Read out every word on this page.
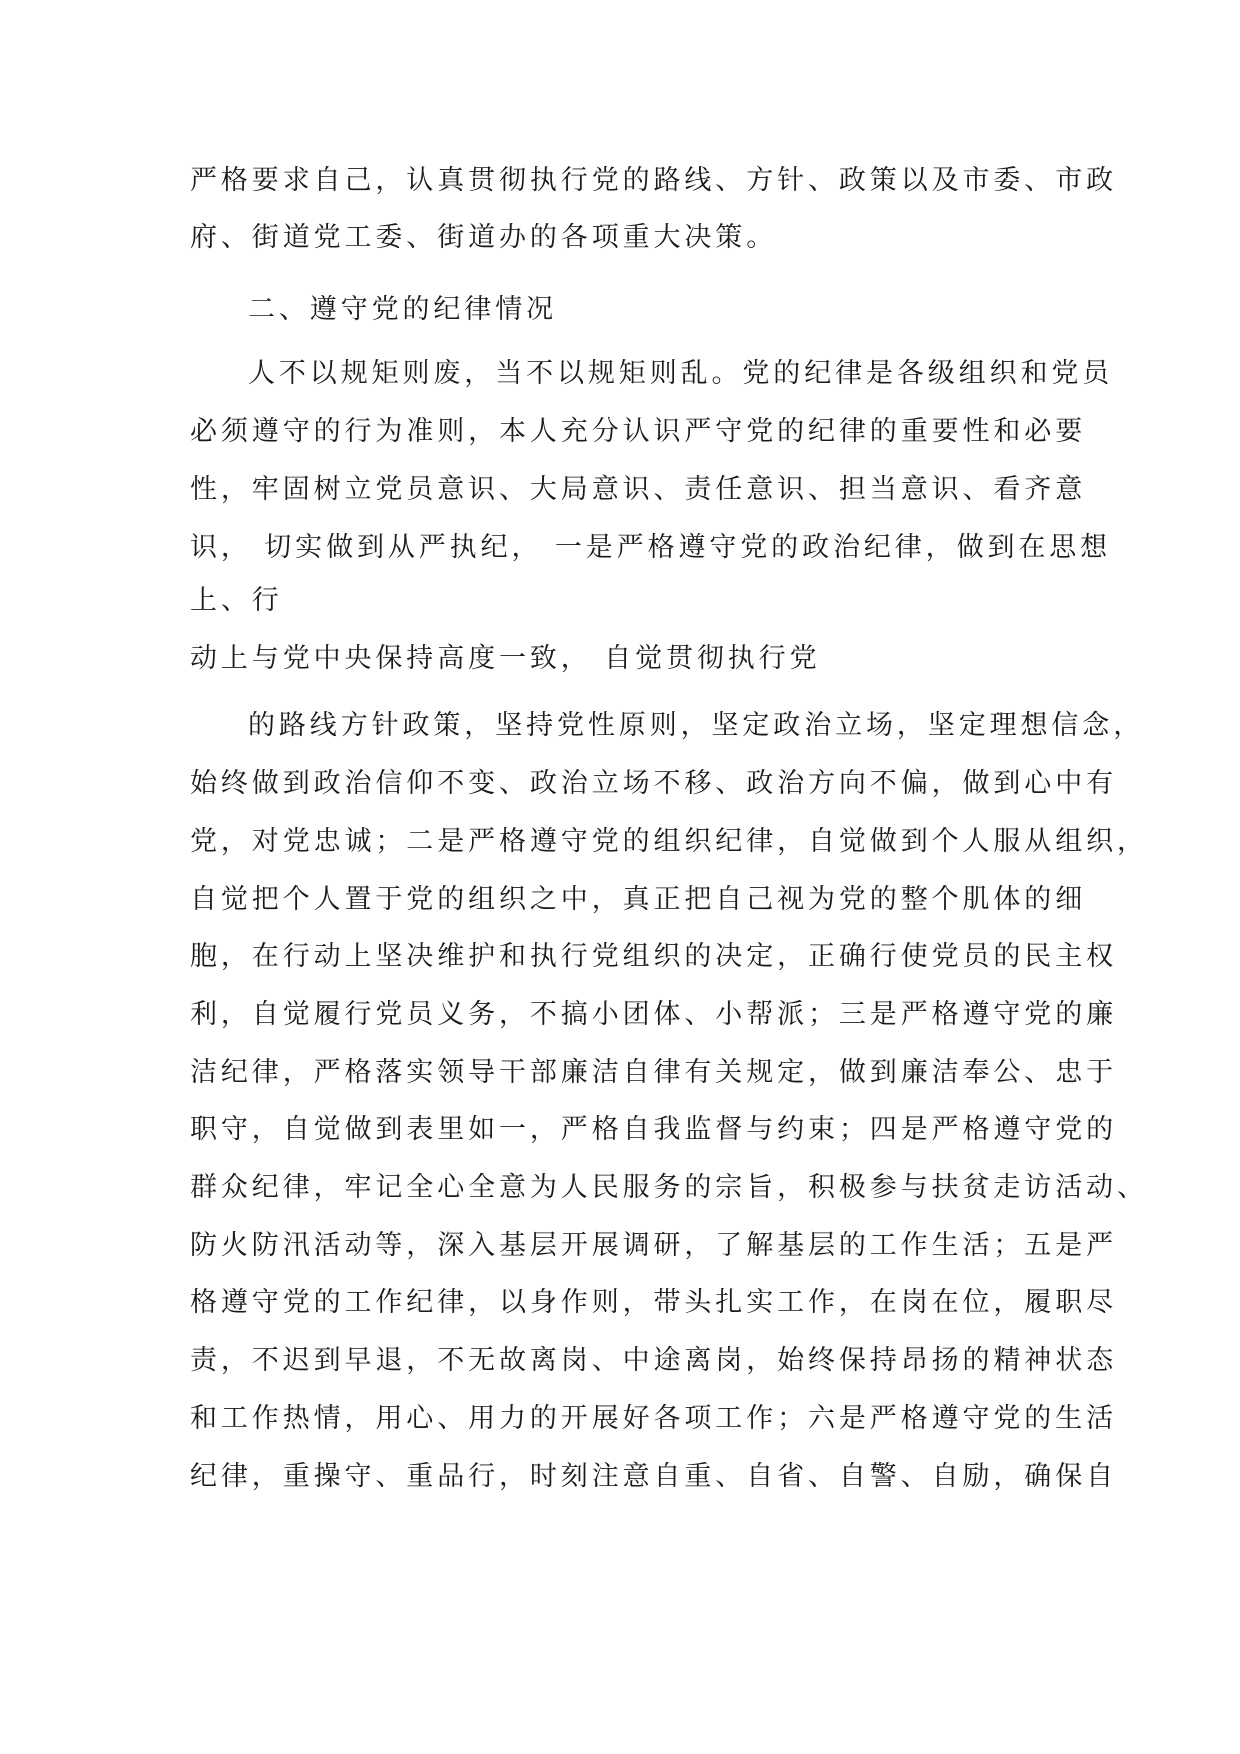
严格要求自己，认真贯彻执行党的路线、方针、政策以及市委、市政
府、街道党工委、街道办的各项重大决策。
二、遵守党的纪律情况
人不以规矩则废，当不以规矩则乱。党的纪律是各级组织和党员
必须遵守的行为准则，本人充分认识严守党的纪律的重要性和必要
性，牢固树立党员意识、大局意识、责任意识、担当意识、看齐意
识， 切实做到从严执纪， 一是严格遵守党的政治纪律，做到在思想
上、行
动上与党中央保持高度一致， 自觉贯彻执行党
的路线方针政策，坚持党性原则，坚定政治立场，坚定理想信念，
始终做到政治信仰不变、政治立场不移、政治方向不偏，做到心中有
党，对党忠诚；二是严格遵守党的组织纪律，自觉做到个人服从组织，
自觉把个人置于党的组织之中，真正把自己视为党的整个肌体的细
胞，在行动上坚决维护和执行党组织的决定，正确行使党员的民主权
利，自觉履行党员义务，不搞小团体、小帮派；三是严格遵守党的廉
洁纪律，严格落实领导干部廉洁自律有关规定，做到廉洁奉公、忠于
职守，自觉做到表里如一，严格自我监督与约束；四是严格遵守党的
群众纪律，牢记全心全意为人民服务的宗旨，积极参与扶贫走访活动、
防火防汛活动等，深入基层开展调研，了解基层的工作生活；五是严
格遵守党的工作纪律，以身作则，带头扎实工作，在岗在位，履职尽
责，不迟到早退，不无故离岗、中途离岗，始终保持昂扬的精神状态
和工作热情，用心、用力的开展好各项工作；六是严格遵守党的生活
纪律，重操守、重品行，时刻注意自重、自省、自警、自励，确保自
